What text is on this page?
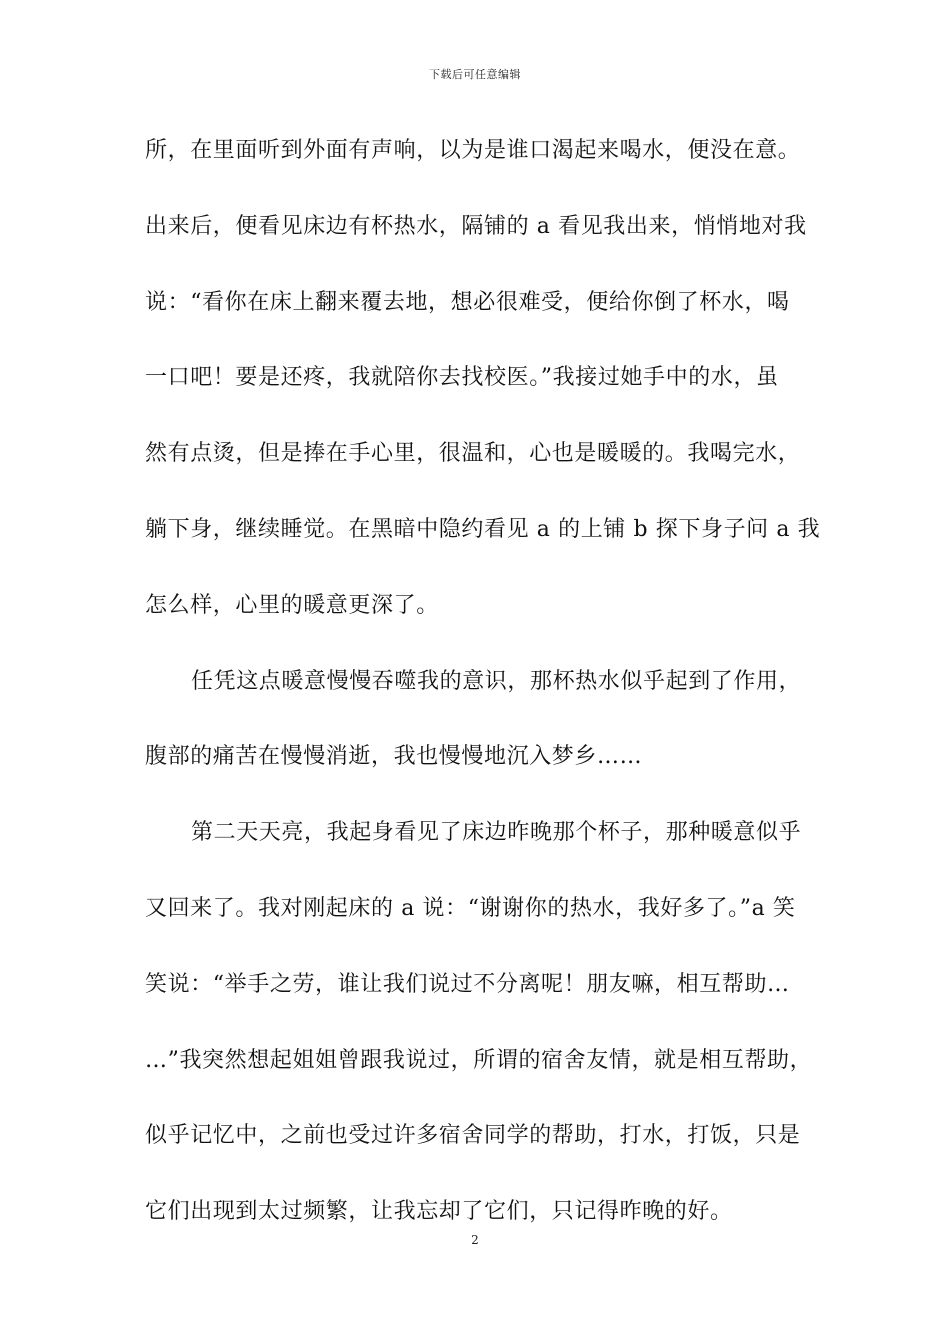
下载后可任意编辑
所，在里面听到外面有声响，以为是谁口渴起来喝水，便没在意。
出来后，便看见床边有杯热水，隔铺的 a 看见我出来，悄悄地对我
说：“看你在床上翻来覆去地，想必很难受，便给你倒了杯水，喝
一口吧！要是还疼，我就陪你去找校医。”我接过她手中的水，虽
然有点烫，但是捧在手心里，很温和，心也是暖暖的。我喝完水，
躺下身，继续睡觉。在黑暗中隐约看见 a 的上铺 b 探下身子问 a 我
怎么样，心里的暖意更深了。
任凭这点暖意慢慢吞噬我的意识，那杯热水似乎起到了作用，
腹部的痛苦在慢慢消逝，我也慢慢地沉入梦乡……
第二天天亮，我起身看见了床边昨晚那个杯子，那种暖意似乎
又回来了。我对刚起床的 a 说：“谢谢你的热水，我好多了。”a 笑
笑说：“举手之劳，谁让我们说过不分离呢！朋友嘛，相互帮助…
…”我突然想起姐姐曾跟我说过，所谓的宿舍友情，就是相互帮助，
似乎记忆中，之前也受过许多宿舍同学的帮助，打水，打饭，只是
它们出现到太过频繁，让我忘却了它们，只记得昨晚的好。
2
